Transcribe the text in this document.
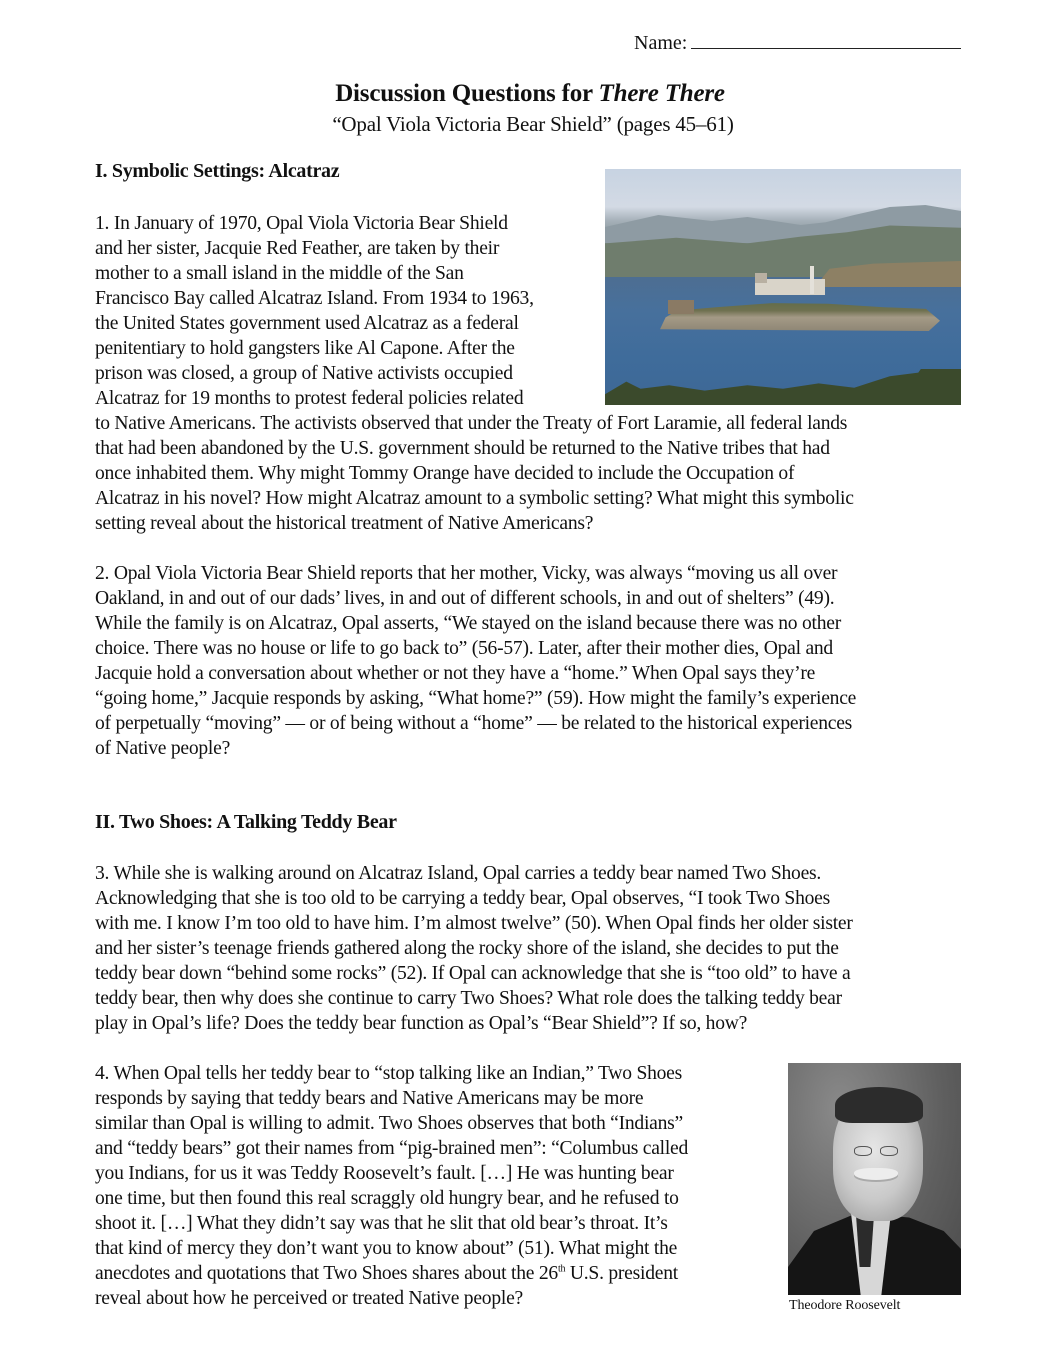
Name:
Discussion Questions for There There
“Opal Viola Victoria Bear Shield” (pages 45–61)
I. Symbolic Settings: Alcatraz
1. In January of 1970, Opal Viola Victoria Bear Shield
and her sister, Jacquie Red Feather, are taken by their
mother to a small island in the middle of the San
Francisco Bay called Alcatraz Island. From 1934 to 1963,
the United States government used Alcatraz as a federal
penitentiary to hold gangsters like Al Capone. After the
prison was closed, a group of Native activists occupied
Alcatraz for 19 months to protest federal policies related
to Native Americans. The activists observed that under the Treaty of Fort Laramie, all federal lands
that had been abandoned by the U.S. government should be returned to the Native tribes that had
once inhabited them. Why might Tommy Orange have decided to include the Occupation of
Alcatraz in his novel? How might Alcatraz amount to a symbolic setting? What might this symbolic
setting reveal about the historical treatment of Native Americans?
2. Opal Viola Victoria Bear Shield reports that her mother, Vicky, was always “moving us all over
Oakland, in and out of our dads’ lives, in and out of different schools, in and out of shelters” (49).
While the family is on Alcatraz, Opal asserts, “We stayed on the island because there was no other
choice. There was no house or life to go back to” (56-57). Later, after their mother dies, Opal and
Jacquie hold a conversation about whether or not they have a “home.” When Opal says they’re
“going home,” Jacquie responds by asking, “What home?” (59). How might the family’s experience
of perpetually “moving” — or of being without a “home” — be related to the historical experiences
of Native people?
II. Two Shoes: A Talking Teddy Bear
3. While she is walking around on Alcatraz Island, Opal carries a teddy bear named Two Shoes.
Acknowledging that she is too old to be carrying a teddy bear, Opal observes, “I took Two Shoes
with me. I know I’m too old to have him. I’m almost twelve” (50). When Opal finds her older sister
and her sister’s teenage friends gathered along the rocky shore of the island, she decides to put the
teddy bear down “behind some rocks” (52). If Opal can acknowledge that she is “too old” to have a
teddy bear, then why does she continue to carry Two Shoes? What role does the talking teddy bear
play in Opal’s life? Does the teddy bear function as Opal’s “Bear Shield”? If so, how?
Theodore Roosevelt
4. When Opal tells her teddy bear to “stop talking like an Indian,” Two Shoes
responds by saying that teddy bears and Native Americans may be more
similar than Opal is willing to admit. Two Shoes observes that both “Indians”
and “teddy bears” got their names from “pig-brained men”: “Columbus called
you Indians, for us it was Teddy Roosevelt’s fault. […] He was hunting bear
one time, but then found this real scraggly old hungry bear, and he refused to
shoot it. […] What they didn’t say was that he slit that old bear’s throat. It’s
that kind of mercy they don’t want you to know about” (51). What might the
anecdotes and quotations that Two Shoes shares about the 26th U.S. president
reveal about how he perceived or treated Native people?
